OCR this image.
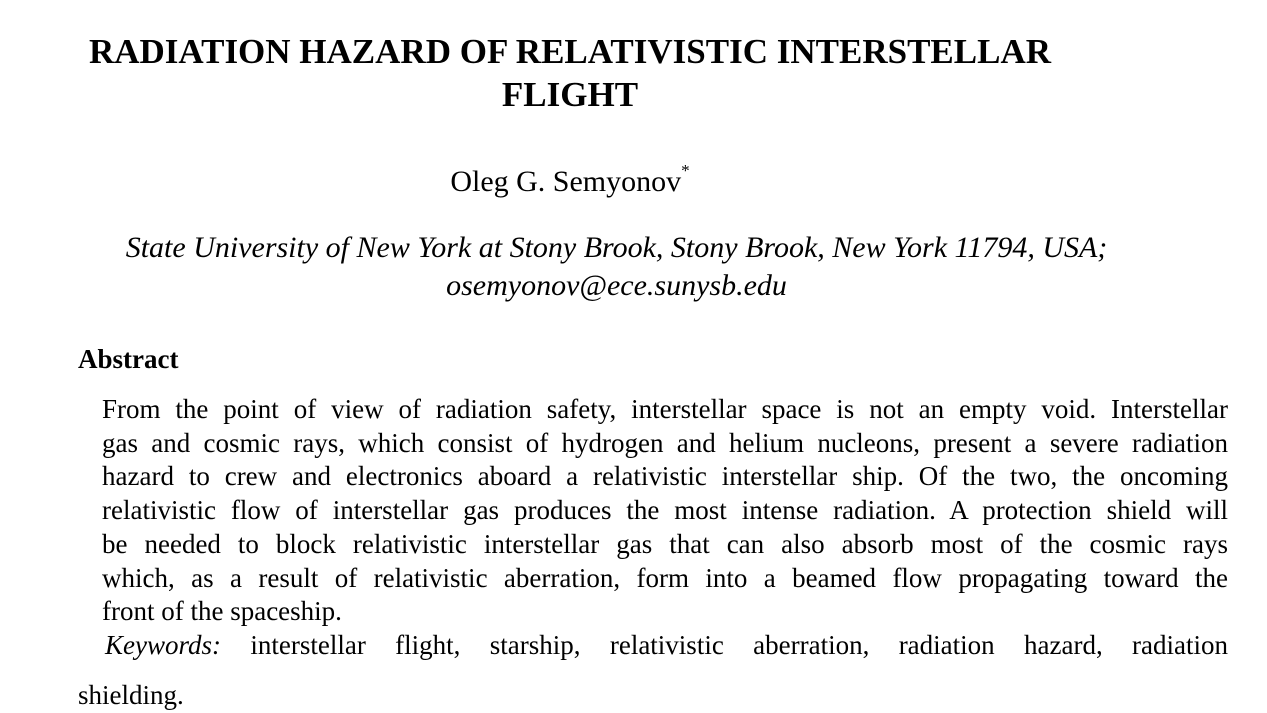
RADIATION HAZARD OF RELATIVISTIC INTERSTELLAR
FLIGHT
Oleg G. Semyonov*
State University of New York at Stony Brook, Stony Brook, New York 11794, USA;
osemyonov@ece.sunysb.edu
Abstract
From the point of view of radiation safety, interstellar space is not an empty void. Interstellar
gas and cosmic rays, which consist of hydrogen and helium nucleons, present a severe radiation
hazard to crew and electronics aboard a relativistic interstellar ship. Of the two, the oncoming
relativistic flow of interstellar gas produces the most intense radiation. A protection shield will
be needed to block relativistic interstellar gas that can also absorb most of the cosmic rays
which, as a result of relativistic aberration, form into a beamed flow propagating toward the
front of the spaceship.
Keywords: interstellar flight, starship, relativistic aberration, radiation hazard, radiation
shielding.
